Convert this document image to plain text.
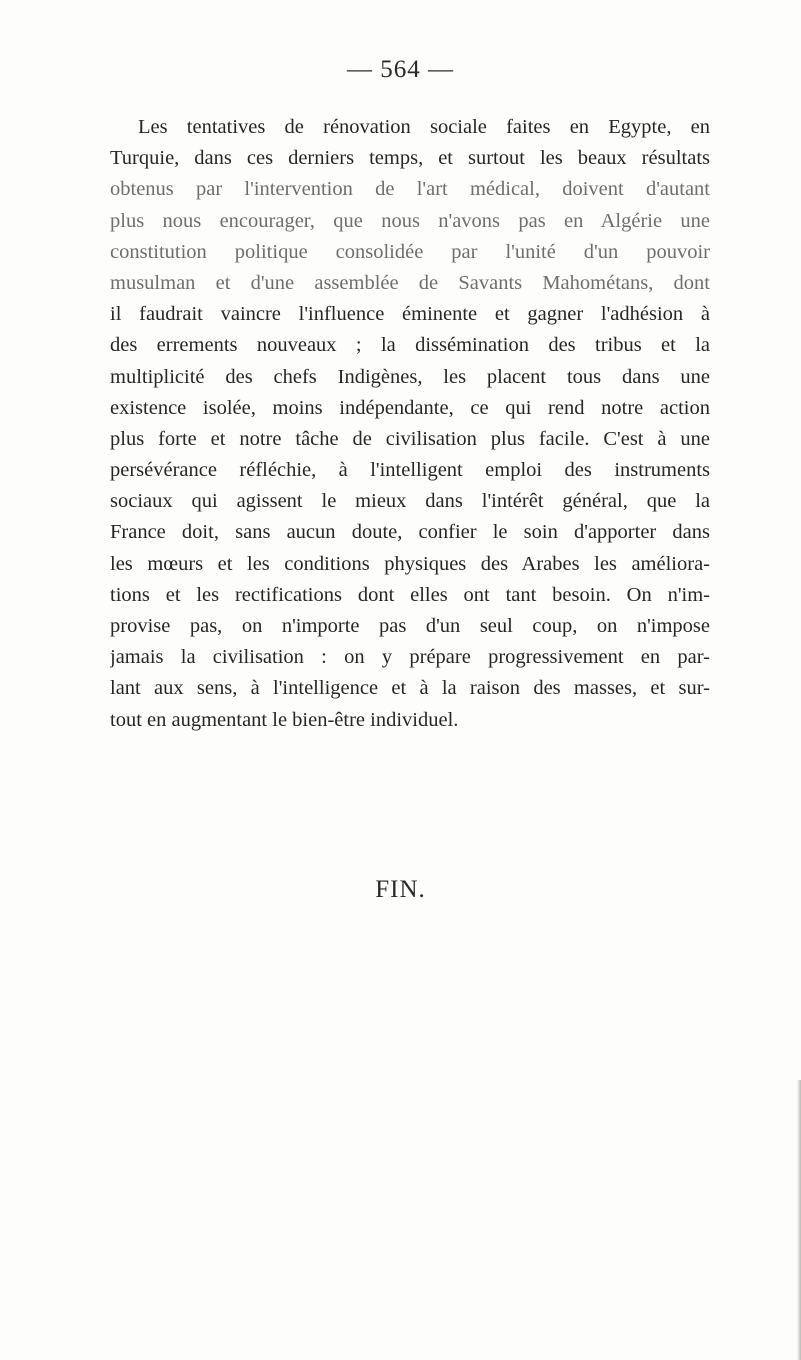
— 564 —
Les tentatives de rénovation sociale faites en Egypte, en
Turquie, dans ces derniers temps, et surtout les beaux résultats
obtenus par l'intervention de l'art médical, doivent d'autant
plus nous encourager, que nous n'avons pas en Algérie une
constitution politique consolidée par l'unité d'un pouvoir
musulman et d'une assemblée de Savants Mahométans, dont
il faudrait vaincre l'influence éminente et gagner l'adhésion à
des errements nouveaux ; la dissémination des tribus et la
multiplicité des chefs Indigènes, les placent tous dans une
existence isolée, moins indépendante, ce qui rend notre action
plus forte et notre tâche de civilisation plus facile. C'est à une
persévérance réfléchie, à l'intelligent emploi des instruments
sociaux qui agissent le mieux dans l'intérêt général, que la
France doit, sans aucun doute, confier le soin d'apporter dans
les mœurs et les conditions physiques des Arabes les améliora-
tions et les rectifications dont elles ont tant besoin. On n'im-
provise pas, on n'importe pas d'un seul coup, on n'impose
jamais la civilisation : on y prépare progressivement en par-
lant aux sens, à l'intelligence et à la raison des masses, et sur-
tout en augmentant le bien-être individuel.
FIN.
